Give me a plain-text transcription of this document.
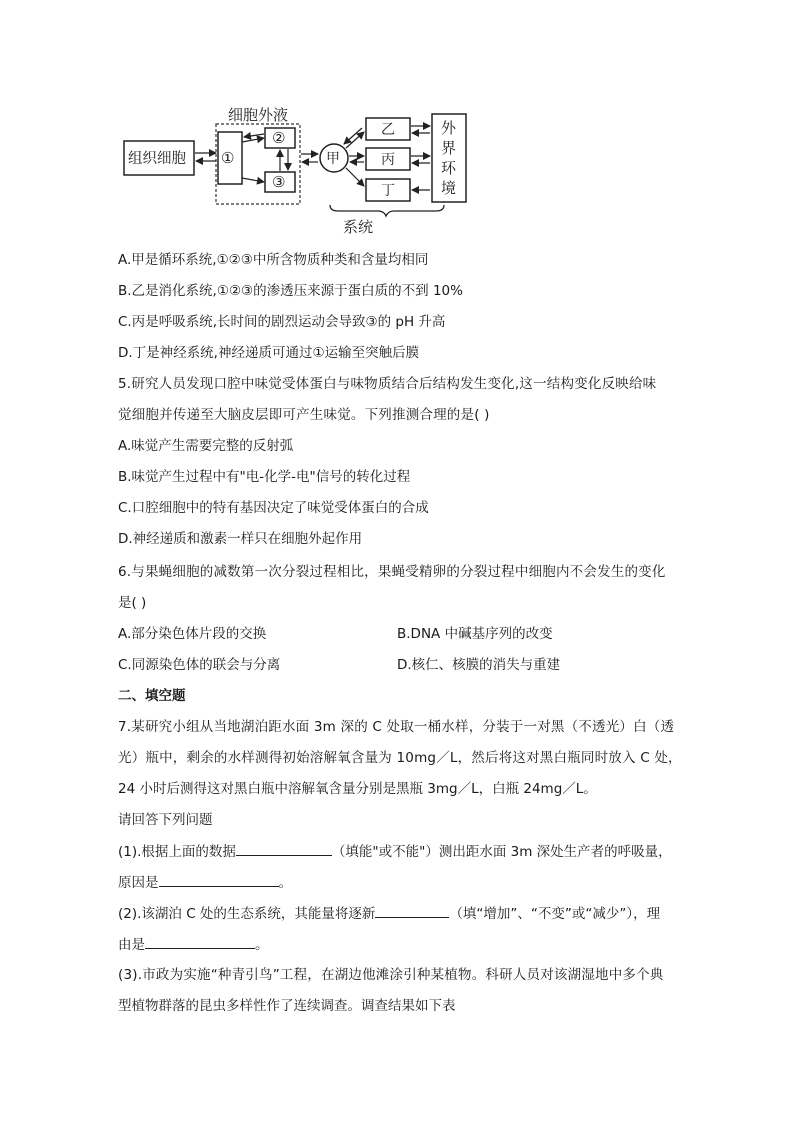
细胞外液
组织细胞 ①
②
③
甲
乙
丙
丁
外
界
环
境
系统
A.甲是循环系统,①②③中所含物质种类和含量均相同
B.乙是消化系统,①②③的渗透压来源于蛋白质的不到 10%
C.丙是呼吸系统,长时间的剧烈运动会导致③的 pH 升高
D.丁是神经系统,神经递质可通过①运输至突触后膜
5.研究人员发现口腔中味觉受体蛋白与味物质结合后结构发生变化,这一结构变化反映给味
觉细胞并传递至大脑皮层即可产生味觉。下列推测合理的是( )
A.味觉产生需要完整的反射弧
B.味觉产生过程中有"电-化学-电"信号的转化过程
C.口腔细胞中的特有基因决定了味觉受体蛋白的合成
D.神经递质和激素一样只在细胞外起作用
6.与果蝇细胞的减数第一次分裂过程相比，果蝇受精卵的分裂过程中细胞内不会发生的变化
是( )
A.部分染色体片段的交换	B.DNA 中碱基序列的改变
C.同源染色体的联会与分离	D.核仁、核膜的消失与重建
二、填空题
7.某研究小组从当地湖泊距水面 3m 深的 C 处取一桶水样，分装于一对黑（不透光）白（透
光）瓶中，剩余的水样测得初始溶解氧含量为 10mg／L，然后将这对黑白瓶同时放入 C 处，
24 小时后测得这对黑白瓶中溶解氧含量分别是黑瓶 3mg／L，白瓶 24mg／L。
请回答下列问题
(1).根据上面的数据	（填能"或不能"）测出距水面 3m 深处生产者的呼吸量，
原因是	。
(2).该湖泊 C 处的生态系统，其能量将逐新	（填“增加”、“不变”或“减少”），理
由是	。
(3).市政为实施“种青引鸟”工程，在湖边他滩涂引种某植物。科研人员对该湖湿地中多个典
型植物群落的昆虫多样性作了连续调查。调查结果如下表
